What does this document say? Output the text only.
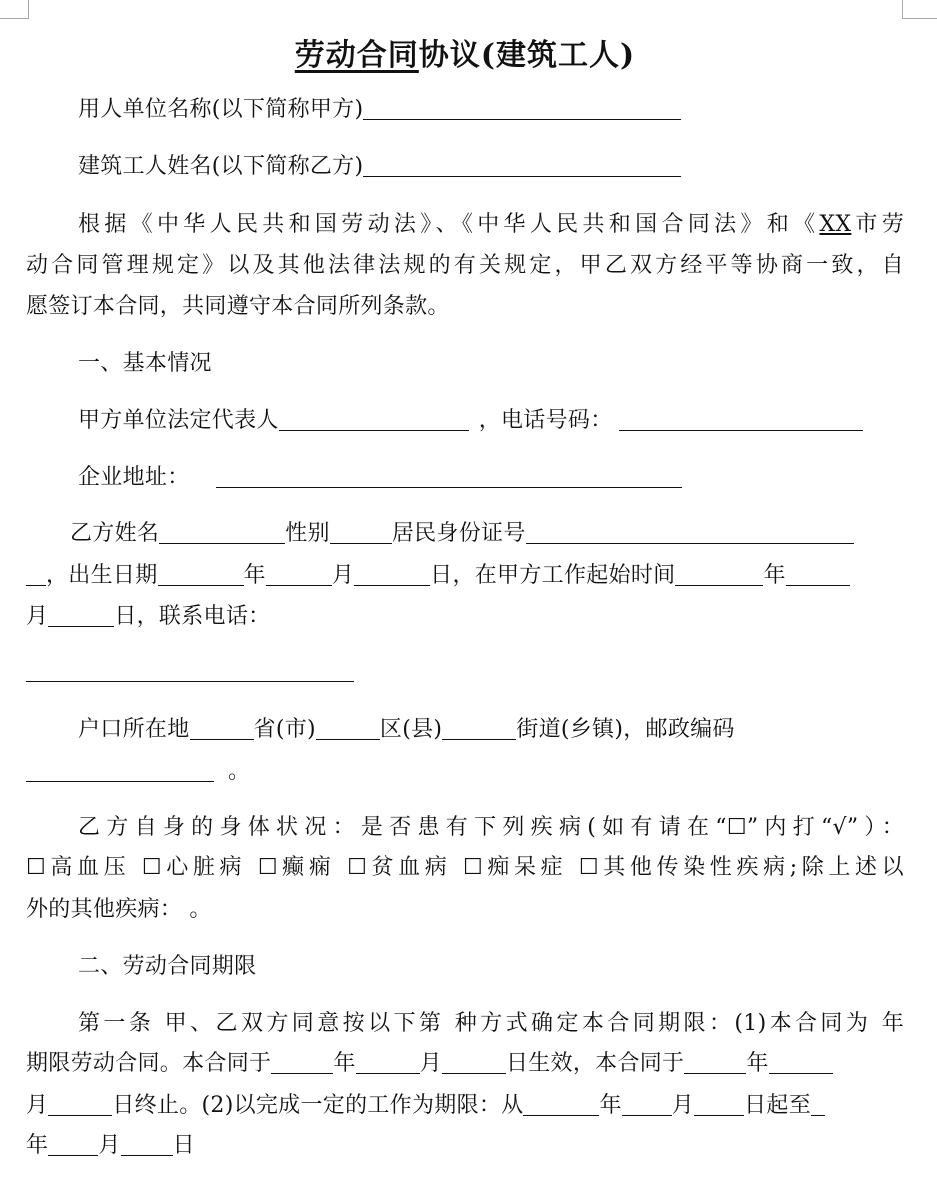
劳动合同协议(建筑工人)
用人单位名称(以下简称甲方)
建筑工人姓名(以下简称乙方)
根据《中华人民共和国劳动法》、《中华人民共和国合同法》和《XX市劳
动合同管理规定》以及其他法律法规的有关规定，甲乙双方经平等协商一致，自
愿签订本合同，共同遵守本合同所列条款。
一、基本情况
甲方单位法定代表人	，电话号码：
企业地址：
乙方姓名	性别	居民身份证号
，出生日期	年	月	日，在甲方工作起始时间	年
月	日，联系电话：
户口所在地	省(市)	区(县)	街道(乡镇)，邮政编码
。
乙方自身的身体状况：是否患有下列疾病(如有请在“☐”内打“√”）：
☐高血压 ☐心脏病 ☐癫痫 ☐贫血病 ☐痴呆症 ☐其他传染性疾病;除上述以
外的其他疾病： 。
二、劳动合同期限
第一条 甲、乙双方同意按以下第 种方式确定本合同期限：(1)本合同为 年
期限劳动合同。本合同于	年	月	日生效，本合同于	年
月	日终止。(2)以完成一定的工作为期限：从	年 月 日起至
年 月 日
